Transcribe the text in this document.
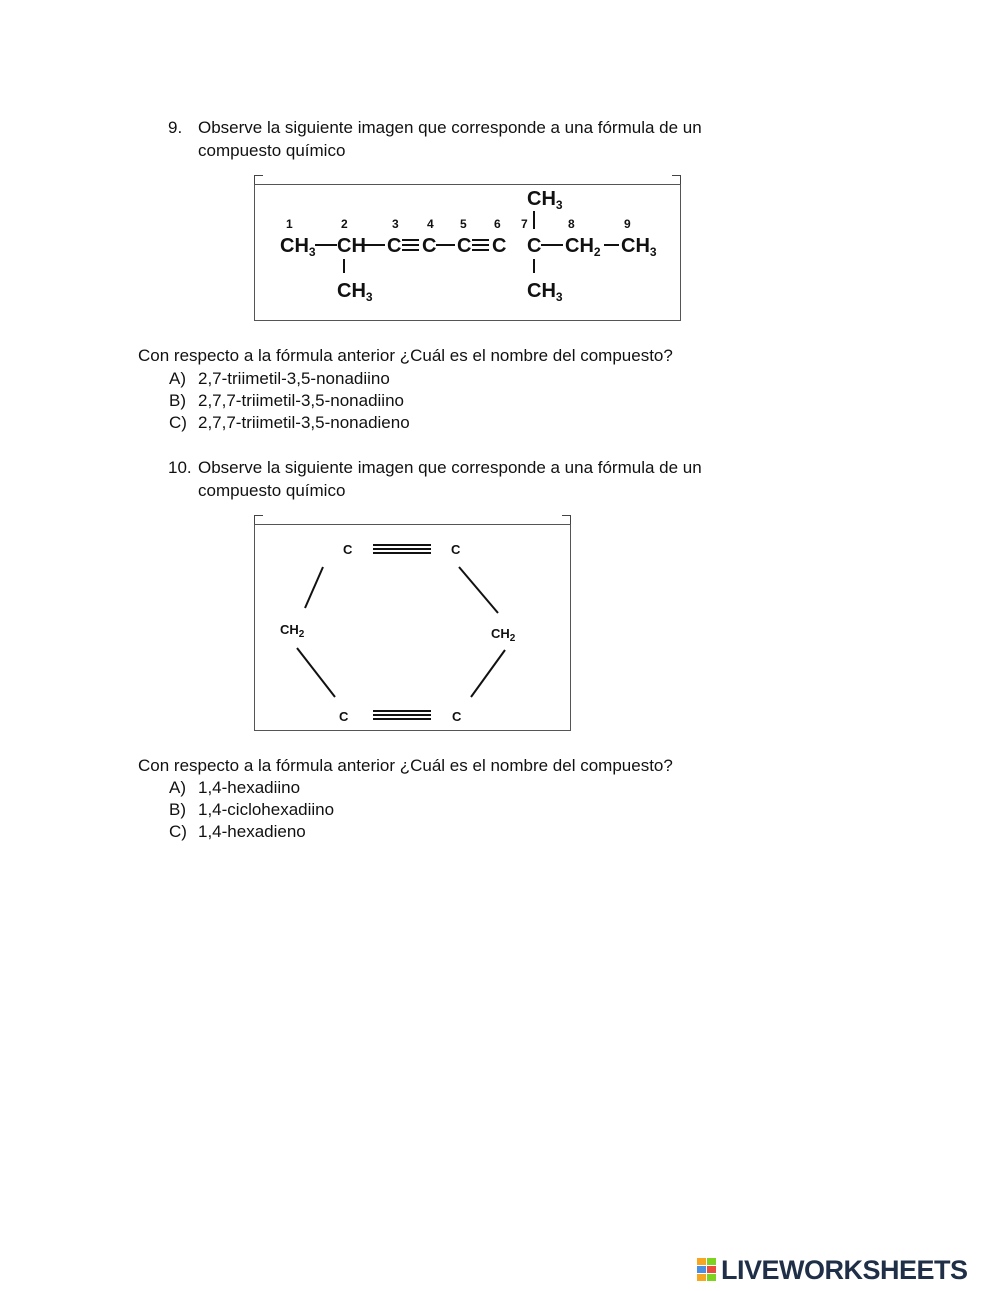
9. Observe la siguiente imagen que corresponde a una fórmula de un
compuesto químico
1	2	3 4 5 6 7	8	9
$CH_3$
$CH_3$ CH C C C C C $CH_2$ $CH_3$
$CH_3$	$CH_3$
Con respecto a la fórmula anterior ¿Cuál es el nombre del compuesto?
A) 2,7-triimetil-3,5-nonadiino
B) 2,7,7-triimetil-3,5-nonadiino
C) 2,7,7-triimetil-3,5-nonadieno
10. Observe la siguiente imagen que corresponde a una fórmula de un
compuesto químico
C	C
$CH_2$	$CH_2$
C	C
Con respecto a la fórmula anterior ¿Cuál es el nombre del compuesto?
A) 1,4-hexadiino
B) 1,4-ciclohexadiino
C) 1,4-hexadieno
LIVEWORKSHEETS
